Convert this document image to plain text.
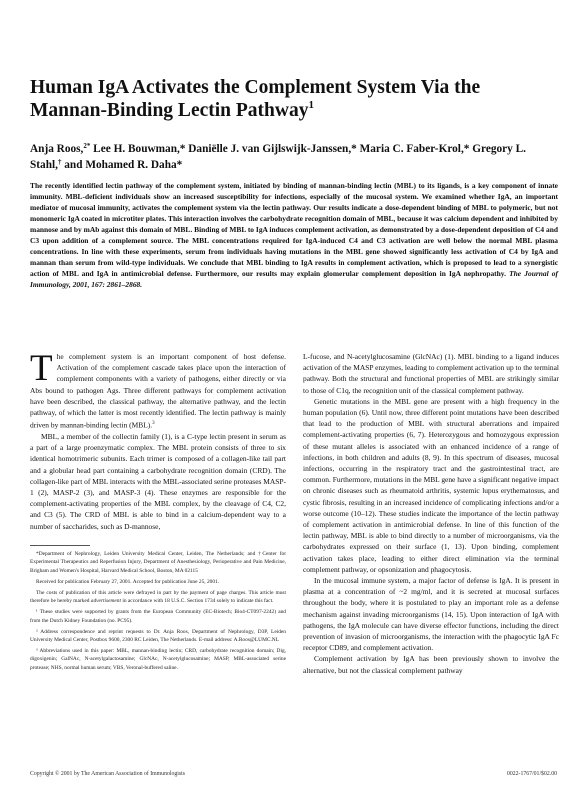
Human IgA Activates the Complement System Via the Mannan-Binding Lectin Pathway$^1$

Anja Roos,$^{2*}$ Lee H. Bouwman,* Daniëlle J. van Gijlswijk-Janssen,* Maria C. Faber-Krol,* Gregory L. Stahl,† and Mohamed R. Daha*

The recently identified lectin pathway of the complement system, initiated by binding of mannan-binding lectin (MBL) to its ligands, is a key component of innate immunity. MBL-deficient individuals show an increased susceptibility for infections, especially of the mucosal system. We examined whether IgA, an important mediator of mucosal immunity, activates the complement system via the lectin pathway. Our results indicate a dose-dependent binding of MBL to polymeric, but not monomeric IgA coated in microtiter plates. This interaction involves the carbohydrate recognition domain of MBL, because it was calcium dependent and inhibited by mannose and by mAb against this domain of MBL. Binding of MBL to IgA induces complement activation, as demonstrated by a dose-dependent deposition of C4 and C3 upon addition of a complement source. The MBL concentrations required for IgA-induced C4 and C3 activation are well below the normal MBL plasma concentrations. In line with these experiments, serum from individuals having mutations in the MBL gene showed significantly less activation of C4 by IgA and mannan than serum from wild-type individuals. We conclude that MBL binding to IgA results in complement activation, which is proposed to lead to a synergistic action of MBL and IgA in antimicrobial defense. Furthermore, our results may explain glomerular complement deposition in IgA nephropathy. The Journal of Immunology, 2001, 167: 2861–2868.

The complement system is an important component of host defense. Activation of the complement cascade takes place upon the interaction of complement components with a variety of pathogens, either directly or via Abs bound to pathogen Ags. Three different pathways for complement activation have been described, the classical pathway, the alternative pathway, and the lectin pathway, of which the latter is most recently identified. The lectin pathway is mainly driven by mannan-binding lectin (MBL).$^3$

MBL, a member of the collectin family (1), is a C-type lectin present in serum as a part of a large proenzymatic complex. The MBL protein consists of three to six identical homotrimeric subunits. Each trimer is composed of a collagen-like tail part and a globular head part containing a carbohydrate recognition domain (CRD). The collagen-like part of MBL interacts with the MBL-associated serine proteases MASP-1 (2), MASP-2 (3), and MASP-3 (4). These enzymes are responsible for the complement-activating properties of the MBL complex, by the cleavage of C4, C2, and C3 (5). The CRD of MBL is able to bind in a calcium-dependent way to a number of saccharides, such as D-mannose,

*Department of Nephrology, Leiden University Medical Center, Leiden, The Netherlands; and †Center for Experimental Therapeutics and Reperfusion Injury, Department of Anesthesiology, Perioperative and Pain Medicine, Brigham and Women's Hospital, Harvard Medical School, Boston, MA 02115

Received for publication February 27, 2001. Accepted for publication June 25, 2001.

The costs of publication of this article were defrayed in part by the payment of page charges. This article must therefore be hereby marked advertisement in accordance with 18 U.S.C. Section 1734 solely to indicate this fact.

¹ These studies were supported by grants from the European Community (EC-Biotech; Bio4-CT097-2242) and from the Dutch Kidney Foundation (no. PC95).

² Address correspondence and reprint requests to Dr. Anja Roos, Department of Nephrology, D3P, Leiden University Medical Center, Postbox 9600, 2300 RC Leiden, The Netherlands. E-mail address: A.Roos@LUMC.NL

³ Abbreviations used in this paper: MBL, mannan-binding lectin; CRD, carbohydrate recognition domain; Dig, digoxigenin; GalNAc, N-acetylgalactosamine; GlcNAc, N-acetylglucosamine; MASP, MBL-associated serine protease; NHS, normal human serum; VBS, Veronal-buffered saline.

L-fucose, and N-acetylglucosamine (GlcNAc) (1). MBL binding to a ligand induces activation of the MASP enzymes, leading to complement activation up to the terminal pathway. Both the structural and functional properties of MBL are strikingly similar to those of C1q, the recognition unit of the classical complement pathway.

Genetic mutations in the MBL gene are present with a high frequency in the human population (6). Until now, three different point mutations have been described that lead to the production of MBL with structural aberrations and impaired complement-activating properties (6, 7). Heterozygous and homozygous expression of these mutant alleles is associated with an enhanced incidence of a range of infections, in both children and adults (8, 9). In this spectrum of diseases, mucosal infections, occurring in the respiratory tract and the gastrointestinal tract, are common. Furthermore, mutations in the MBL gene have a significant negative impact on chronic diseases such as rheumatoid arthritis, systemic lupus erythematosus, and cystic fibrosis, resulting in an increased incidence of complicating infections and/or a worse outcome (10–12). These studies indicate the importance of the lectin pathway of complement activation in antimicrobial defense. In line of this function of the lectin pathway, MBL is able to bind directly to a number of microorganisms, via the carbohydrates expressed on their surface (1, 13). Upon binding, complement activation takes place, leading to either direct elimination via the terminal complement pathway, or opsonization and phagocytosis.

In the mucosal immune system, a major factor of defense is IgA. It is present in plasma at a concentration of ~2 mg/ml, and it is secreted at mucosal surfaces throughout the body, where it is postulated to play an important role as a defense mechanism against invading microorganisms (14, 15). Upon interaction of IgA with pathogens, the IgA molecule can have diverse effector functions, including the direct prevention of invasion of microorganisms, the interaction with the phagocytic IgA Fc receptor CD89, and complement activation.

Complement activation by IgA has been previously shown to involve the alternative, but not the classical complement pathway

Copyright © 2001 by The American Association of Immunologists	0022-1767/01/$02.00
